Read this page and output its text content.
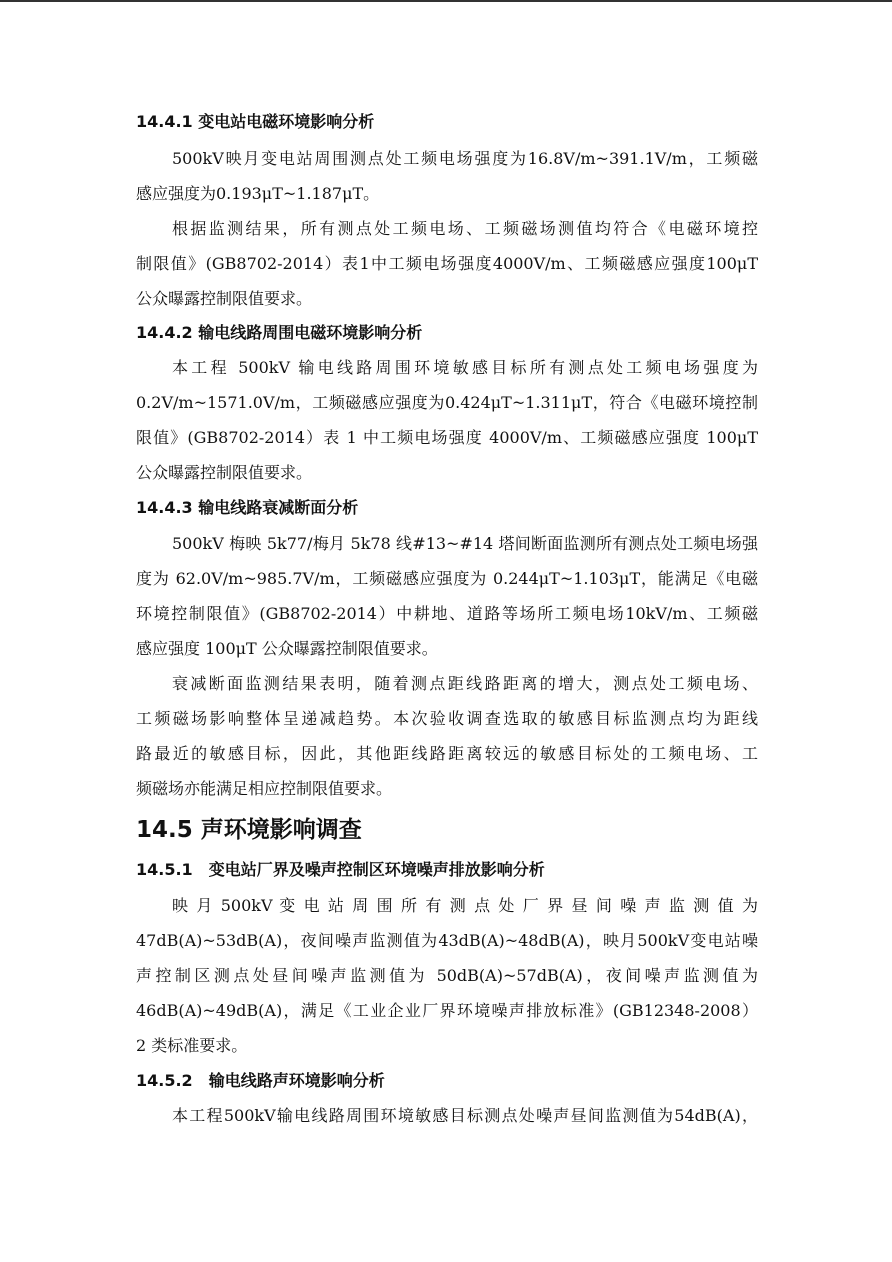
14.4.1 变电站电磁环境影响分析
500kV映月变电站周围测点处工频电场强度为16.8V/m~391.1V/m，工频磁
感应强度为0.193μT~1.187μT。
根据监测结果，所有测点处工频电场、工频磁场测值均符合《电磁环境控
制限值》(GB8702-2014）表1中工频电场强度4000V/m、工频磁感应强度100μT
公众曝露控制限值要求。
14.4.2 输电线路周围电磁环境影响分析
本工程 500kV 输电线路周围环境敏感目标所有测点处工频电场强度为
0.2V/m~1571.0V/m，工频磁感应强度为0.424μT~1.311μT，符合《电磁环境控制
限值》(GB8702-2014）表 1 中工频电场强度 4000V/m、工频磁感应强度 100μT
公众曝露控制限值要求。
14.4.3 输电线路衰减断面分析
500kV 梅映 5k77/梅月 5k78 线#13~#14 塔间断面监测所有测点处工频电场强
度为 62.0V/m~985.7V/m，工频磁感应强度为 0.244μT~1.103μT，能满足《电磁
环境控制限值》(GB8702-2014）中耕地、道路等场所工频电场10kV/m、工频磁
感应强度 100μT 公众曝露控制限值要求。
衰减断面监测结果表明，随着测点距线路距离的增大，测点处工频电场、
工频磁场影响整体呈递减趋势。本次验收调查选取的敏感目标监测点均为距线
路最近的敏感目标，因此，其他距线路距离较远的敏感目标处的工频电场、工
频磁场亦能满足相应控制限值要求。
14.5 声环境影响调查
14.5.1　变电站厂界及噪声控制区环境噪声排放影响分析
映 月 500kV 变 电 站 周 围 所 有 测 点 处 厂 界 昼 间 噪 声 监 测 值 为
47dB(A)~53dB(A)，夜间噪声监测值为43dB(A)~48dB(A)，映月500kV变电站噪
声控制区测点处昼间噪声监测值为 50dB(A)~57dB(A)，夜间噪声监测值为
46dB(A)~49dB(A)，满足《工业企业厂界环境噪声排放标准》(GB12348-2008）
2 类标准要求。
14.5.2　输电线路声环境影响分析
本工程500kV输电线路周围环境敏感目标测点处噪声昼间监测值为54dB(A)，
